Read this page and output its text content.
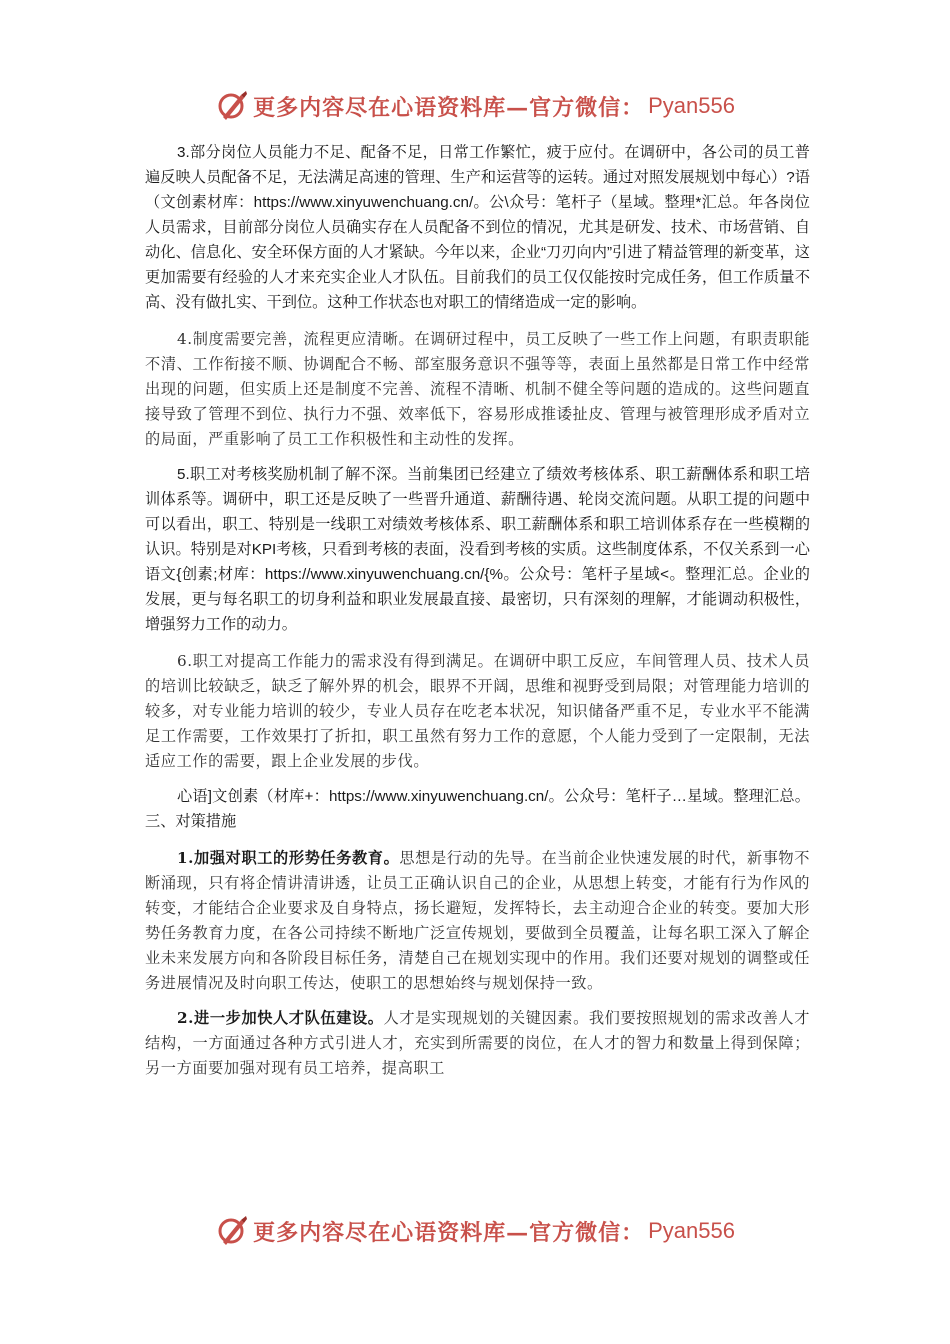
更多内容尽在心语资料库—官方微信： Pyan556

3.部分岗位人员能力不足、配备不足，日常工作繁忙，疲于应付。在调研中，各公司的员工普遍反映人员配备不足，无法满足高速的管理、生产和运营等的运转。通过对照发展规划中每心）?语（文创素材库：https://www.xinyuwenchuang.cn/。公\众号：笔杆子（星域。整理*汇总。年各岗位人员需求，目前部分岗位人员确实存在人员配备不到位的情况，尤其是研发、技术、市场营销、自动化、信息化、安全环保方面的人才紧缺。今年以来，企业“刀刃向内”引进了精益管理的新变革，这更加需要有经验的人才来充实企业人才队伍。目前我们的员工仅仅能按时完成任务，但工作质量不高、没有做扎实、干到位。这种工作状态也对职工的情绪造成一定的影响。

4.制度需要完善，流程更应清晰。在调研过程中，员工反映了一些工作上问题，有职责职能不清、工作衔接不顺、协调配合不畅、部室服务意识不强等等，表面上虽然都是日常工作中经常出现的问题，但实质上还是制度不完善、流程不清晰、机制不健全等问题的造成的。这些问题直接导致了管理不到位、执行力不强、效率低下，容易形成推诿扯皮、管理与被管理形成矛盾对立的局面，严重影响了员工工作积极性和主动性的发挥。

5.职工对考核奖励机制了解不深。当前集团已经建立了绩效考核体系、职工薪酬体系和职工培训体系等。调研中，职工还是反映了一些晋升通道、薪酬待遇、轮岗交流问题。从职工提的问题中可以看出，职工、特别是一线职工对绩效考核体系、职工薪酬体系和职工培训体系存在一些模糊的认识。特别是对KPI考核，只看到考核的表面，没看到考核的实质。这些制度体系，不仅关系到一心语文{创素;材库：https://www.xinyuwenchuang.cn/{%。公众号：笔杆子星域<。整理汇总。企业的发展，更与每名职工的切身利益和职业发展最直接、最密切，只有深刻的理解，才能调动积极性，增强努力工作的动力。

6.职工对提高工作能力的需求没有得到满足。在调研中职工反应，车间管理人员、技术人员的培训比较缺乏，缺乏了解外界的机会，眼界不开阔，思维和视野受到局限；对管理能力培训的较多，对专业能力培训的较少，专业人员存在吃老本状况，知识储备严重不足，专业水平不能满足工作需要，工作效果打了折扣，职工虽然有努力工作的意愿，个人能力受到了一定限制，无法适应工作的需要，跟上企业发展的步伐。

心语]文创素（材库+：https://www.xinyuwenchuang.cn/。公众号：笔杆子…星域。整理汇总。三、对策措施

1.加强对职工的形势任务教育。思想是行动的先导。在当前企业快速发展的时代，新事物不断涌现，只有将企情讲清讲透，让员工正确认识自己的企业，从思想上转变，才能有行为作风的转变，才能结合企业要求及自身特点，扬长避短，发挥特长，去主动迎合企业的转变。要加大形势任务教育力度，在各公司持续不断地广泛宣传规划，要做到全员覆盖，让每名职工深入了解企业未来发展方向和各阶段目标任务，清楚自己在规划实现中的作用。我们还要对规划的调整或任务进展情况及时向职工传达，使职工的思想始终与规划保持一致。

2.进一步加快人才队伍建设。人才是实现规划的关键因素。我们要按照规划的需求改善人才结构，一方面通过各种方式引进人才，充实到所需要的岗位，在人才的智力和数量上得到保障；另一方面要加强对现有员工培养，提高职工

更多内容尽在心语资料库—官方微信： Pyan556
